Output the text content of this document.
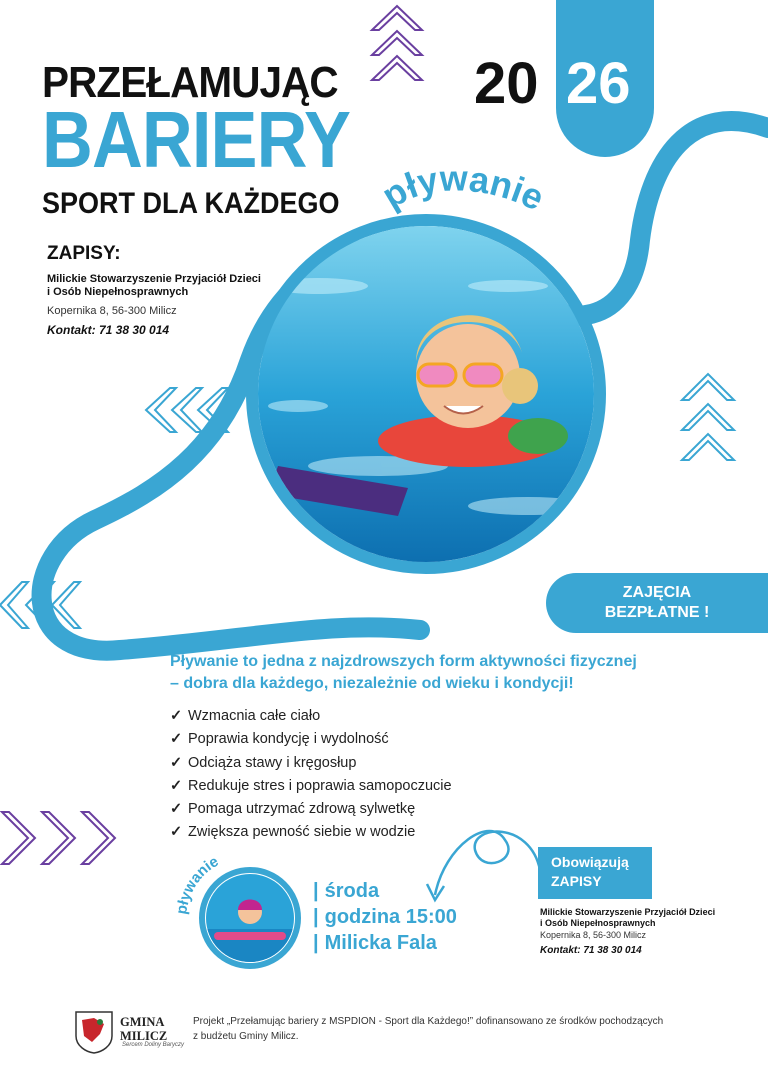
pływanie
pływanie
PRZEŁAMUJĄC
BARIERY
SPORT DLA KAŻDEGO
20 26
ZAPISY:
Milickie Stowarzyszenie Przyjaciół Dzieci
i Osób Niepełnosprawnych
Kopernika 8, 56-300 Milicz
Kontakt: 71 38 30 014
ZAJĘCIA
BEZPŁATNE !
Pływanie to jedna z najzdrowszych form aktywności fizycznej
– dobra dla każdego, niezależnie od wieku i kondycji!
✓ Wzmacnia całe ciało
✓ Poprawia kondycję i wydolność
✓ Odciąża stawy i kręgosłup
✓ Redukuje stres i poprawia samopoczucie
✓ Pomaga utrzymać zdrową sylwetkę
✓ Zwiększa pewność siebie w wodzie
| środa
| godzina 15:00
| Milicka Fala
Obowiązują
ZAPISY
Milickie Stowarzyszenie Przyjaciół Dzieci
i Osób Niepełnosprawnych
Kopernika 8, 56-300 Milicz
Kontakt: 71 38 30 014
GMINA
MILICZ
Sercem Doliny Baryczy
Projekt „Przełamując bariery z MSPDION - Sport dla Każdego!” dofinansowano ze środków pochodzących
z budżetu Gminy Milicz.
